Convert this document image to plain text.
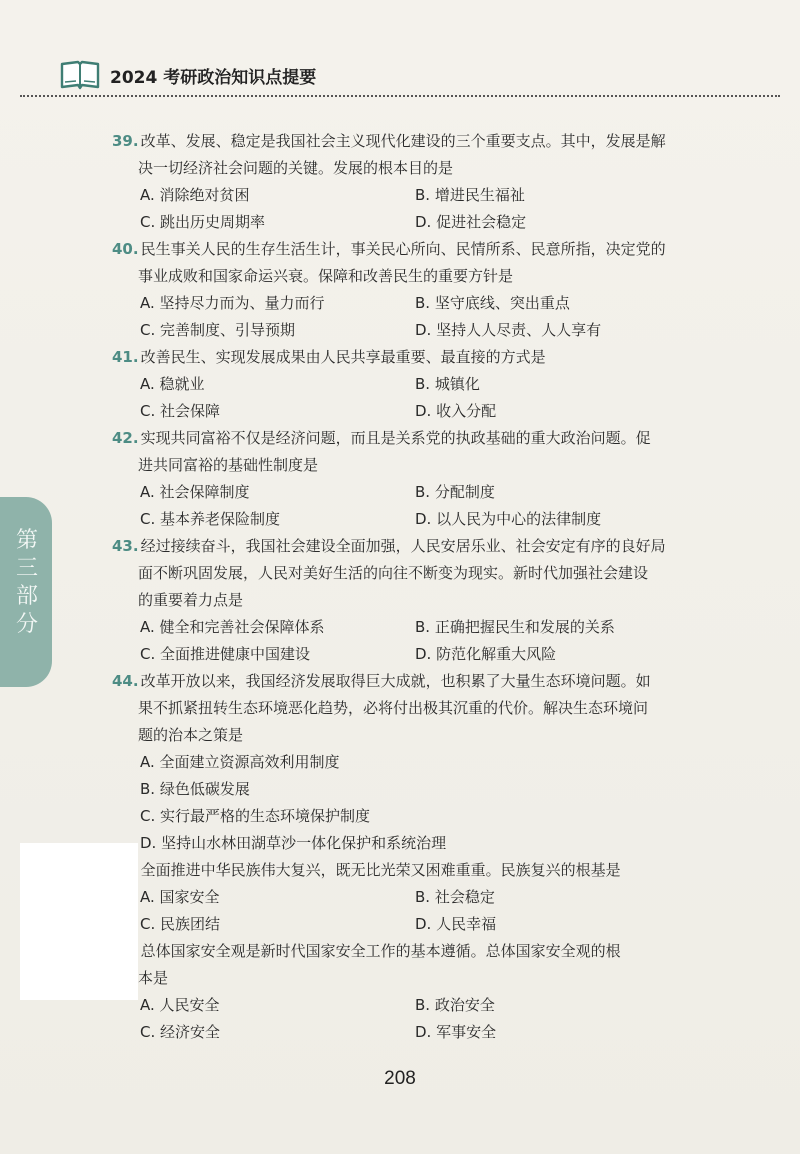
2024 考研政治知识点提要
第
三
部
分
39. 改革、发展、稳定是我国社会主义现代化建设的三个重要支点。其中，发展是解
决一切经济社会问题的关键。发展的根本目的是
A. 消除绝对贫困	B. 增进民生福祉
C. 跳出历史周期率	D. 促进社会稳定
40. 民生事关人民的生存生活生计，事关民心所向、民情所系、民意所指，决定党的
事业成败和国家命运兴衰。保障和改善民生的重要方针是
A. 坚持尽力而为、量力而行	B. 坚守底线、突出重点
C. 完善制度、引导预期	D. 坚持人人尽责、人人享有
41. 改善民生、实现发展成果由人民共享最重要、最直接的方式是
A. 稳就业	B. 城镇化
C. 社会保障	D. 收入分配
42. 实现共同富裕不仅是经济问题，而且是关系党的执政基础的重大政治问题。促
进共同富裕的基础性制度是
A. 社会保障制度	B. 分配制度
C. 基本养老保险制度	D. 以人民为中心的法律制度
43. 经过接续奋斗，我国社会建设全面加强，人民安居乐业、社会安定有序的良好局
面不断巩固发展，人民对美好生活的向往不断变为现实。新时代加强社会建设
的重要着力点是
A. 健全和完善社会保障体系	B. 正确把握民生和发展的关系
C. 全面推进健康中国建设	D. 防范化解重大风险
44. 改革开放以来，我国经济发展取得巨大成就，也积累了大量生态环境问题。如
果不抓紧扭转生态环境恶化趋势，必将付出极其沉重的代价。解决生态环境问
题的治本之策是
A. 全面建立资源高效利用制度
B. 绿色低碳发展
C. 实行最严格的生态环境保护制度
D. 坚持山水林田湖草沙一体化保护和系统治理
全面推进中华民族伟大复兴，既无比光荣又困难重重。民族复兴的根基是
A. 国家安全	B. 社会稳定
C. 民族团结	D. 人民幸福
总体国家安全观是新时代国家安全工作的基本遵循。总体国家安全观的根
本是
A. 人民安全	B. 政治安全
C. 经济安全	D. 军事安全
208
